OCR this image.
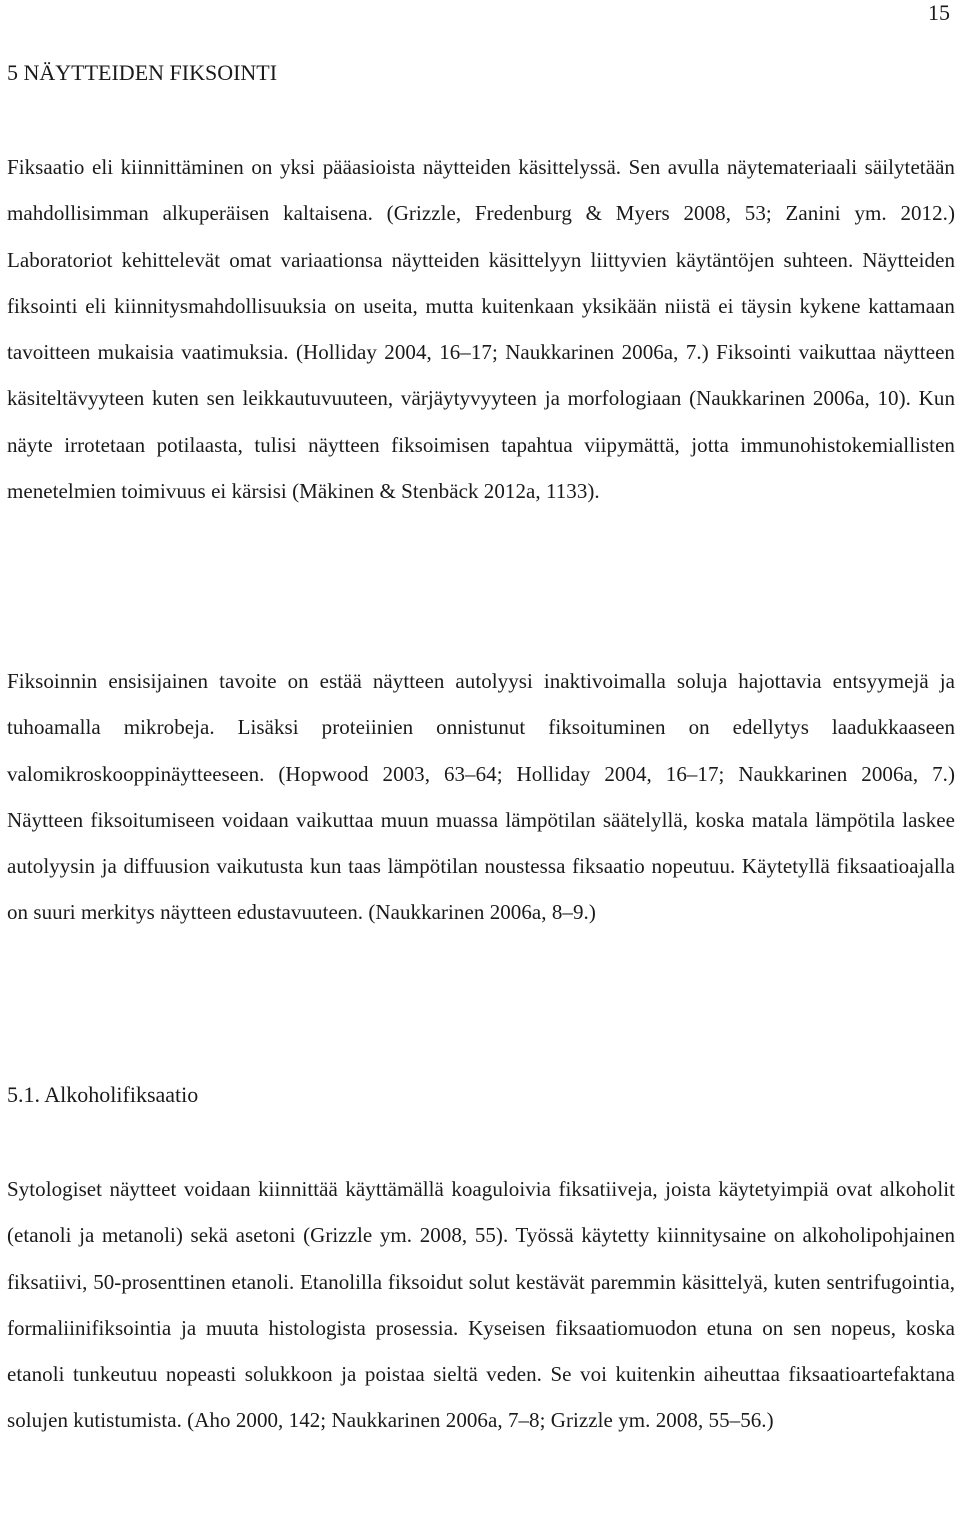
15
5 NÄYTTEIDEN FIKSOINTI

Fiksaatio eli kiinnittäminen on yksi pääasioista näytteiden käsittelyssä. Sen avulla näytemateriaali säilytetään mahdollisimman alkuperäisen kaltaisena. (Grizzle, Fredenburg & Myers 2008, 53; Zanini ym. 2012.) Laboratoriot kehittelevät omat variaationsa näytteiden käsittelyyn liittyvien käytäntöjen suhteen. Näytteiden fiksointi eli kiinnitysmahdollisuuksia on useita, mutta kuitenkaan yksikään niistä ei täysin kykene kattamaan tavoitteen mukaisia vaatimuksia. (Holliday 2004, 16–17; Naukkarinen 2006a, 7.) Fiksointi vaikuttaa näytteen käsiteltävyyteen kuten sen leikkautuvuuteen, värjäytyvyyteen ja morfologiaan (Naukkarinen 2006a, 10). Kun näyte irrotetaan potilaasta, tulisi näytteen fiksoimisen tapahtua viipymättä, jotta immunohistokemiallisten menetelmien toimivuus ei kärsisi (Mäkinen & Stenbäck 2012a, 1133).

Fiksoinnin ensisijainen tavoite on estää näytteen autolyysi inaktivoimalla soluja hajottavia entsyymejä ja tuhoamalla mikrobeja. Lisäksi proteiinien onnistunut fiksoituminen on edellytys laadukkaaseen valomikroskooppinäytteeseen. (Hopwood 2003, 63–64; Holliday 2004, 16–17; Naukkarinen 2006a, 7.) Näytteen fiksoitumiseen voidaan vaikuttaa muun muassa lämpötilan säätelyllä, koska matala lämpötila laskee autolyysin ja diffuusion vaikutusta kun taas lämpötilan noustessa fiksaatio nopeutuu. Käytetyllä fiksaatioajalla on suuri merkitys näytteen edustavuuteen. (Naukkarinen 2006a, 8–9.)

5.1. Alkoholifiksaatio

Sytologiset näytteet voidaan kiinnittää käyttämällä koaguloivia fiksatiiveja, joista käytetyimpiä ovat alkoholit (etanoli ja metanoli) sekä asetoni (Grizzle ym. 2008, 55). Työssä käytetty kiinnitysaine on alkoholipohjainen fiksatiivi, 50-prosenttinen etanoli. Etanolilla fiksoidut solut kestävät paremmin käsittelyä, kuten sentrifugointia, formaliinifiksointia ja muuta histologista prosessia. Kyseisen fiksaatiomuodon etuna on sen nopeus, koska etanoli tunkeutuu nopeasti solukkoon ja poistaa sieltä veden. Se voi kuitenkin aiheuttaa fiksaatioartefaktana solujen kutistumista. (Aho 2000, 142; Naukkarinen 2006a, 7–8; Grizzle ym. 2008, 55–56.)
